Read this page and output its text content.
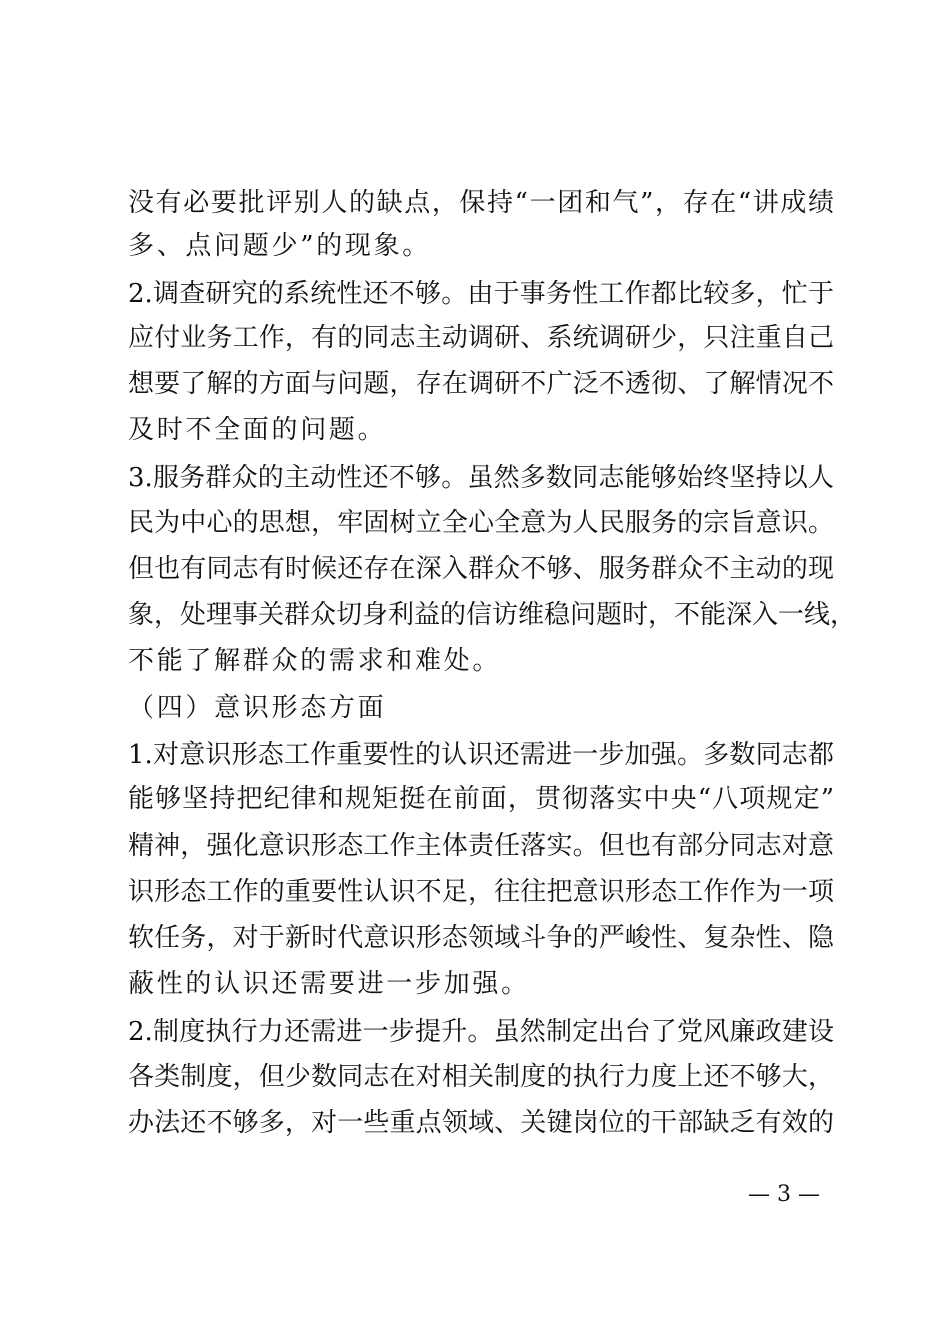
没有必要批评别人的缺点，保持“一团和气”，存在“讲成绩
多、点问题少”的现象。
2.调查研究的系统性还不够。由于事务性工作都比较多，忙于
应付业务工作，有的同志主动调研、系统调研少，只注重自己
想要了解的方面与问题，存在调研不广泛不透彻、了解情况不
及时不全面的问题。
3.服务群众的主动性还不够。虽然多数同志能够始终坚持以人
民为中心的思想，牢固树立全心全意为人民服务的宗旨意识。
但也有同志有时候还存在深入群众不够、服务群众不主动的现
象，处理事关群众切身利益的信访维稳问题时，不能深入一线，
不能了解群众的需求和难处。
（四）意识形态方面
1.对意识形态工作重要性的认识还需进一步加强。多数同志都
能够坚持把纪律和规矩挺在前面，贯彻落实中央“八项规定”
精神，强化意识形态工作主体责任落实。但也有部分同志对意
识形态工作的重要性认识不足，往往把意识形态工作作为一项
软任务，对于新时代意识形态领域斗争的严峻性、复杂性、隐
蔽性的认识还需要进一步加强。
2.制度执行力还需进一步提升。虽然制定出台了党风廉政建设
各类制度，但少数同志在对相关制度的执行力度上还不够大，
办法还不够多，对一些重点领域、关键岗位的干部缺乏有效的
— 3 —
